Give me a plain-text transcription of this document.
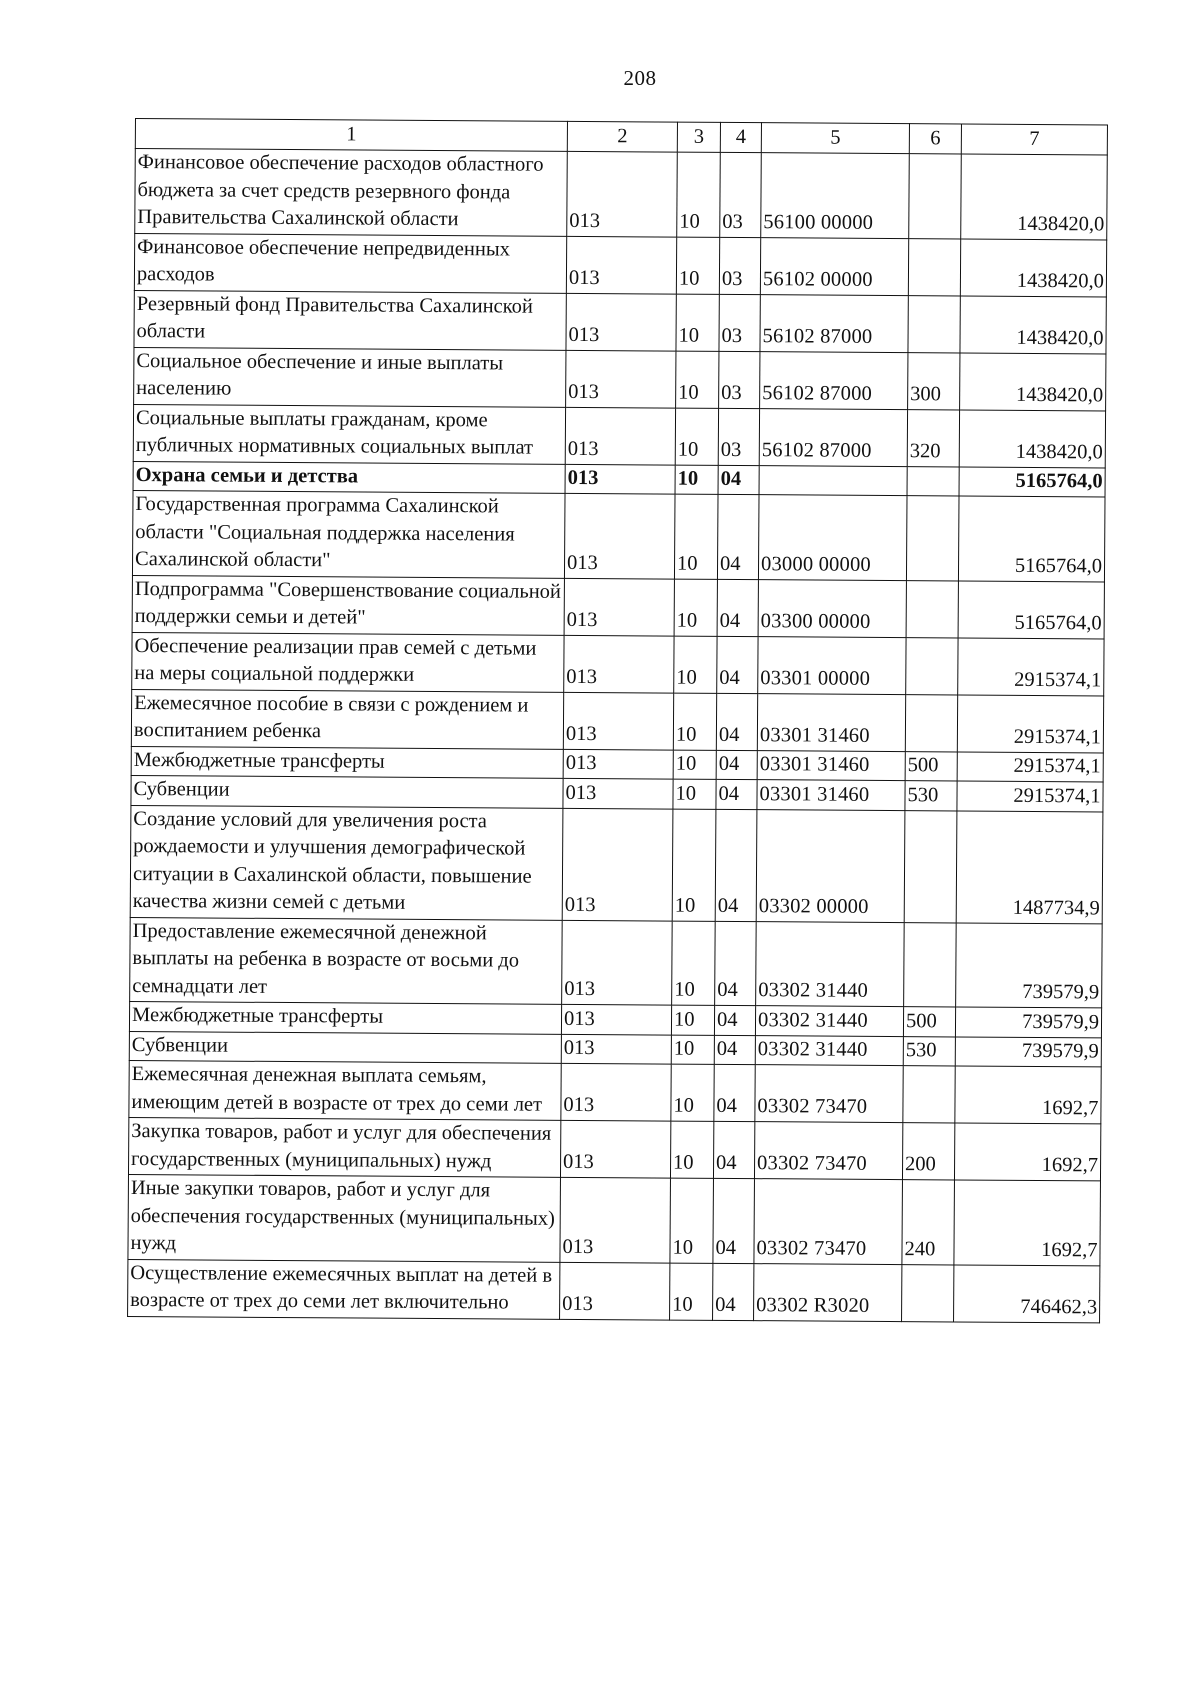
208
1	2	3	4	5	6	7
Финансовое обеспечение расходов областного бюджета за счет средств резервного фонда Правительства Сахалинской области	013	10	03	56100 00000		1438420,0
Финансовое обеспечение непредвиденных расходов	013	10	03	56102 00000		1438420,0
Резервный фонд Правительства Сахалинской области	013	10	03	56102 87000		1438420,0
Социальное обеспечение и иные выплаты населению	013	10	03	56102 87000	300	1438420,0
Социальные выплаты гражданам, кроме публичных нормативных социальных выплат	013	10	03	56102 87000	320	1438420,0
Охрана семьи и детства	013	10	04			5165764,0
Государственная программа Сахалинской области "Социальная поддержка населения Сахалинской области"	013	10	04	03000 00000		5165764,0
Подпрограмма "Совершенствование социальной поддержки семьи и детей"	013	10	04	03300 00000		5165764,0
Обеспечение реализации прав семей с детьми на меры социальной поддержки	013	10	04	03301 00000		2915374,1
Ежемесячное пособие в связи с рождением и воспитанием ребенка	013	10	04	03301 31460		2915374,1
Межбюджетные трансферты	013	10	04	03301 31460	500	2915374,1
Субвенции	013	10	04	03301 31460	530	2915374,1
Создание условий для увеличения роста рождаемости и улучшения демографической ситуации в Сахалинской области, повышение качества жизни семей с детьми	013	10	04	03302 00000		1487734,9
Предоставление ежемесячной денежной выплаты на ребенка в возрасте от восьми до семнадцати лет	013	10	04	03302 31440		739579,9
Межбюджетные трансферты	013	10	04	03302 31440	500	739579,9
Субвенции	013	10	04	03302 31440	530	739579,9
Ежемесячная денежная выплата семьям, имеющим детей в возрасте от трех до семи лет	013	10	04	03302 73470		1692,7
Закупка товаров, работ и услуг для обеспечения государственных (муниципальных) нужд	013	10	04	03302 73470	200	1692,7
Иные закупки товаров, работ и услуг для обеспечения государственных (муниципальных) нужд	013	10	04	03302 73470	240	1692,7
Осуществление ежемесячных выплат на детей в возрасте от трех до семи лет включительно	013	10	04	03302 R3020		746462,3
